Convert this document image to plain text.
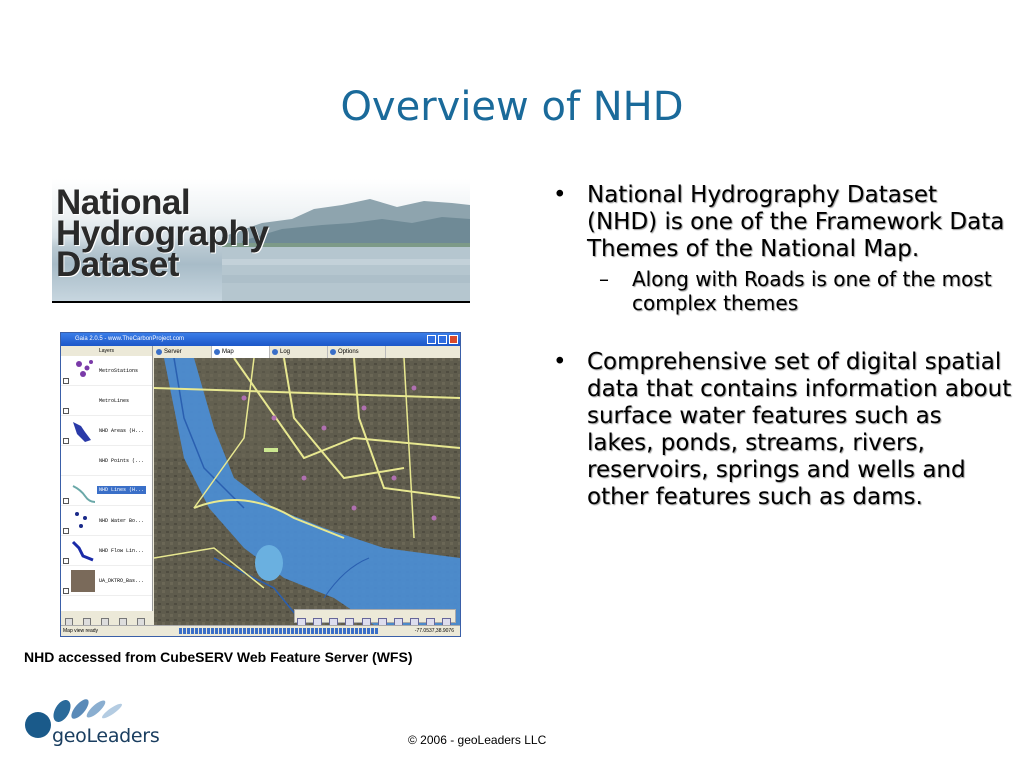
Overview of NHD
National
Hydrography
Dataset
Gaia 2.0.5 - www.TheCarbonProject.com
Layers
MetroStations
MetroLines
NHD Areas (H...
NHD Points (...
NHD Lines (H...
NHD Water Bo...
NHD Flow Lin...
UA_DKTRO_Bas...

Server	Map	Log	Options

Map view ready	-77.0537,38.9076
NHD accessed from CubeSERV Web Feature Server (WFS)
• National Hydrography Dataset (NHD) is one of the Framework Data Themes of the National Map.
– Along with Roads is one of the most complex themes
• Comprehensive set of digital spatial data that contains information about surface water features such as lakes, ponds, streams, rivers, reservoirs, springs and wells and other features such as dams.
geoLeaders	© 2006 - geoLeaders LLC
